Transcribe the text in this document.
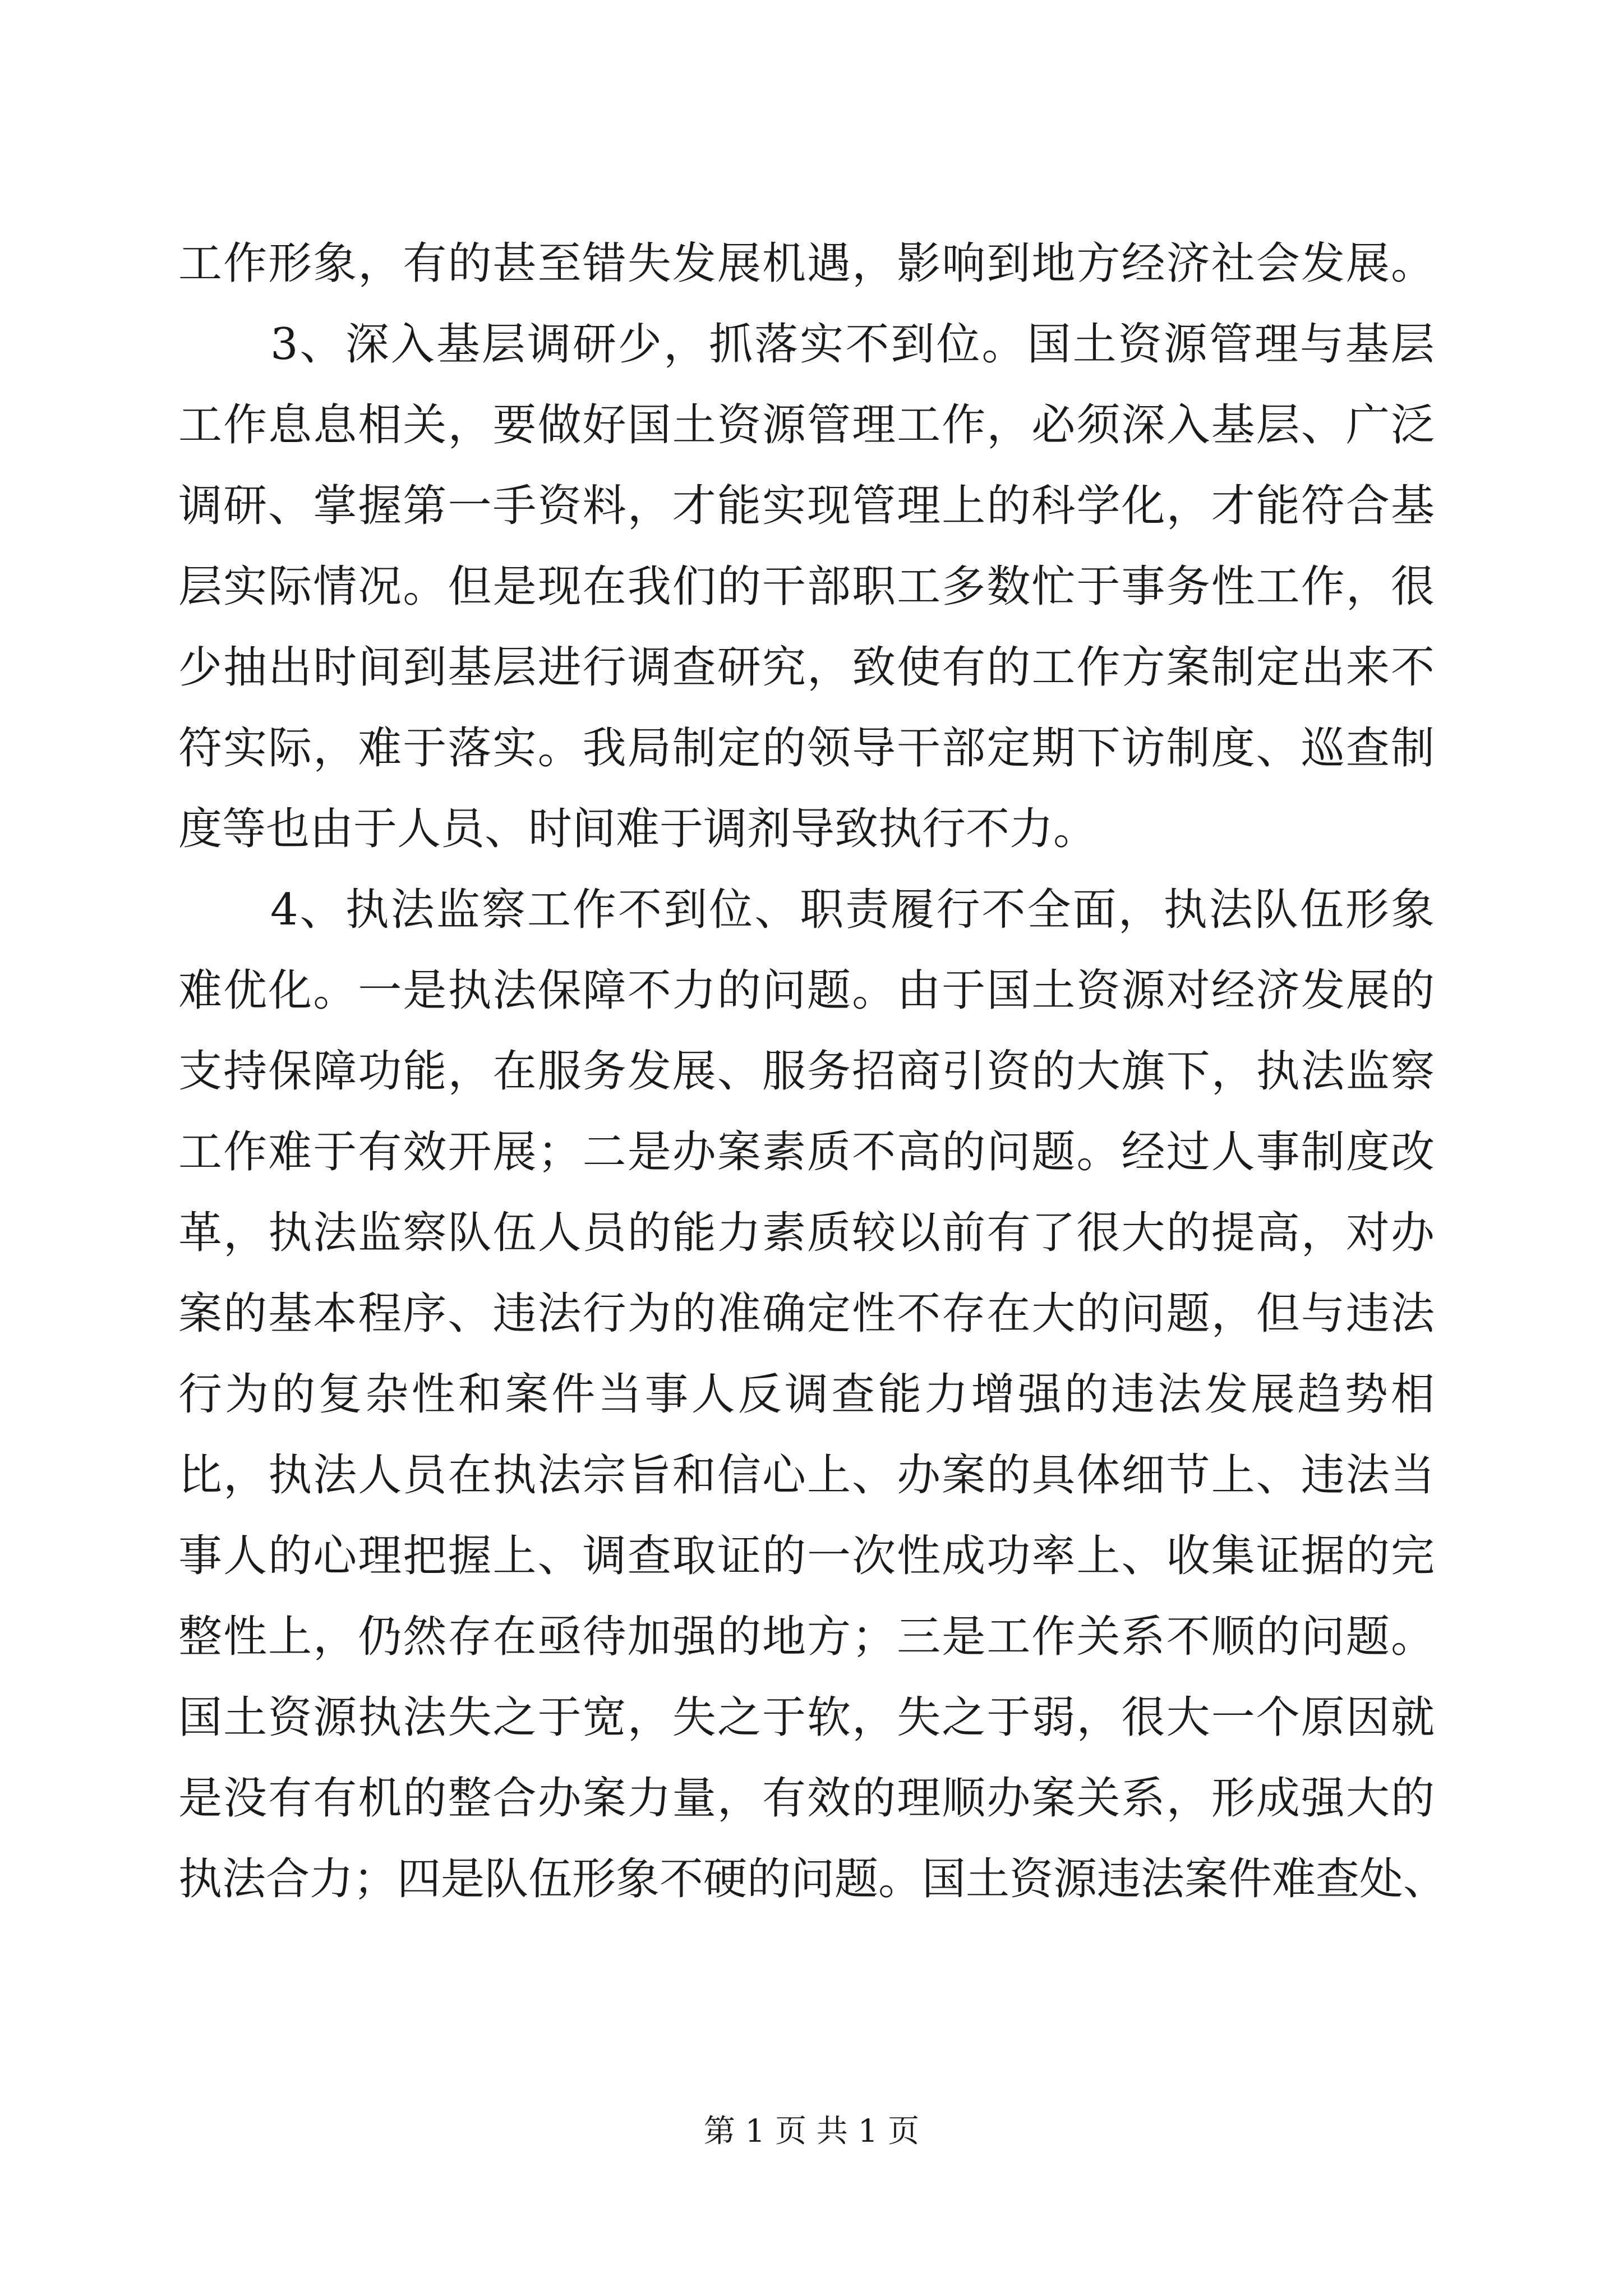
工作形象，有的甚至错失发展机遇，影响到地方经济社会发展。
3、深入基层调研少，抓落实不到位。国土资源管理与基层
工作息息相关，要做好国土资源管理工作，必须深入基层、广泛
调研、掌握第一手资料，才能实现管理上的科学化，才能符合基
层实际情况。但是现在我们的干部职工多数忙于事务性工作，很
少抽出时间到基层进行调查研究，致使有的工作方案制定出来不
符实际，难于落实。我局制定的领导干部定期下访制度、巡查制
度等也由于人员、时间难于调剂导致执行不力。
4、执法监察工作不到位、职责履行不全面，执法队伍形象
难优化。一是执法保障不力的问题。由于国土资源对经济发展的
支持保障功能，在服务发展、服务招商引资的大旗下，执法监察
工作难于有效开展；二是办案素质不高的问题。经过人事制度改
革，执法监察队伍人员的能力素质较以前有了很大的提高，对办
案的基本程序、违法行为的准确定性不存在大的问题，但与违法
行为的复杂性和案件当事人反调查能力增强的违法发展趋势相
比，执法人员在执法宗旨和信心上、办案的具体细节上、违法当
事人的心理把握上、调查取证的一次性成功率上、收集证据的完
整性上，仍然存在亟待加强的地方；三是工作关系不顺的问题。
国土资源执法失之于宽，失之于软，失之于弱，很大一个原因就
是没有有机的整合办案力量，有效的理顺办案关系，形成强大的
执法合力；四是队伍形象不硬的问题。国土资源违法案件难查处、
第 1 页 共 1 页
